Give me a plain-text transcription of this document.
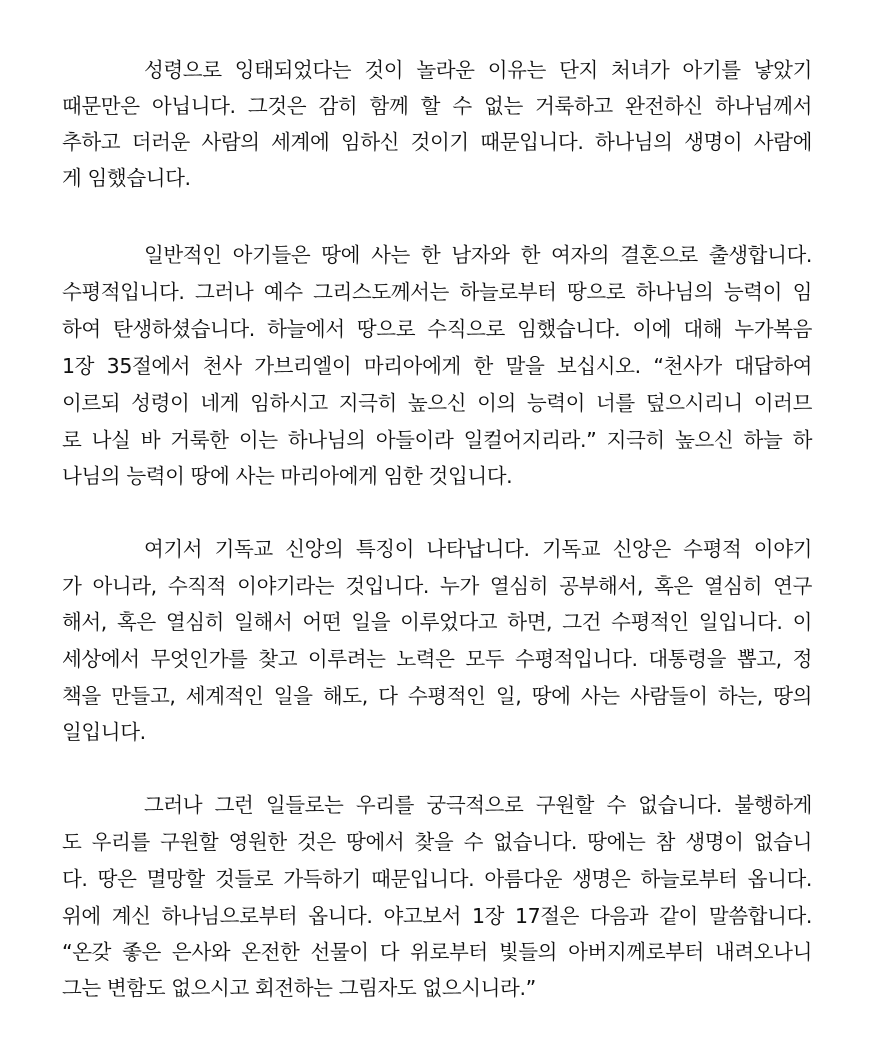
성령으로 잉태되었다는 것이 놀라운 이유는 단지 처녀가 아기를 낳았기
때문만은 아닙니다. 그것은 감히 함께 할 수 없는 거룩하고 완전하신 하나님께서
추하고 더러운 사람의 세계에 임하신 것이기 때문입니다. 하나님의 생명이 사람에
게 임했습니다.
일반적인 아기들은 땅에 사는 한 남자와 한 여자의 결혼으로 출생합니다.
수평적입니다. 그러나 예수 그리스도께서는 하늘로부터 땅으로 하나님의 능력이 임
하여 탄생하셨습니다. 하늘에서 땅으로 수직으로 임했습니다. 이에 대해 누가복음
1장 35절에서 천사 가브리엘이 마리아에게 한 말을 보십시오. “천사가 대답하여
이르되 성령이 네게 임하시고 지극히 높으신 이의 능력이 너를 덮으시리니 이러므
로 나실 바 거룩한 이는 하나님의 아들이라 일컬어지리라.” 지극히 높으신 하늘 하
나님의 능력이 땅에 사는 마리아에게 임한 것입니다.
여기서 기독교 신앙의 특징이 나타납니다. 기독교 신앙은 수평적 이야기
가 아니라, 수직적 이야기라는 것입니다. 누가 열심히 공부해서, 혹은 열심히 연구
해서, 혹은 열심히 일해서 어떤 일을 이루었다고 하면, 그건 수평적인 일입니다. 이
세상에서 무엇인가를 찾고 이루려는 노력은 모두 수평적입니다. 대통령을 뽑고, 정
책을 만들고, 세계적인 일을 해도, 다 수평적인 일, 땅에 사는 사람들이 하는, 땅의
일입니다.
그러나 그런 일들로는 우리를 궁극적으로 구원할 수 없습니다. 불행하게
도 우리를 구원할 영원한 것은 땅에서 찾을 수 없습니다. 땅에는 참 생명이 없습니
다. 땅은 멸망할 것들로 가득하기 때문입니다. 아름다운 생명은 하늘로부터 옵니다.
위에 계신 하나님으로부터 옵니다. 야고보서 1장 17절은 다음과 같이 말씀합니다.
“온갖 좋은 은사와 온전한 선물이 다 위로부터 빛들의 아버지께로부터 내려오나니
그는 변함도 없으시고 회전하는 그림자도 없으시니라.”
